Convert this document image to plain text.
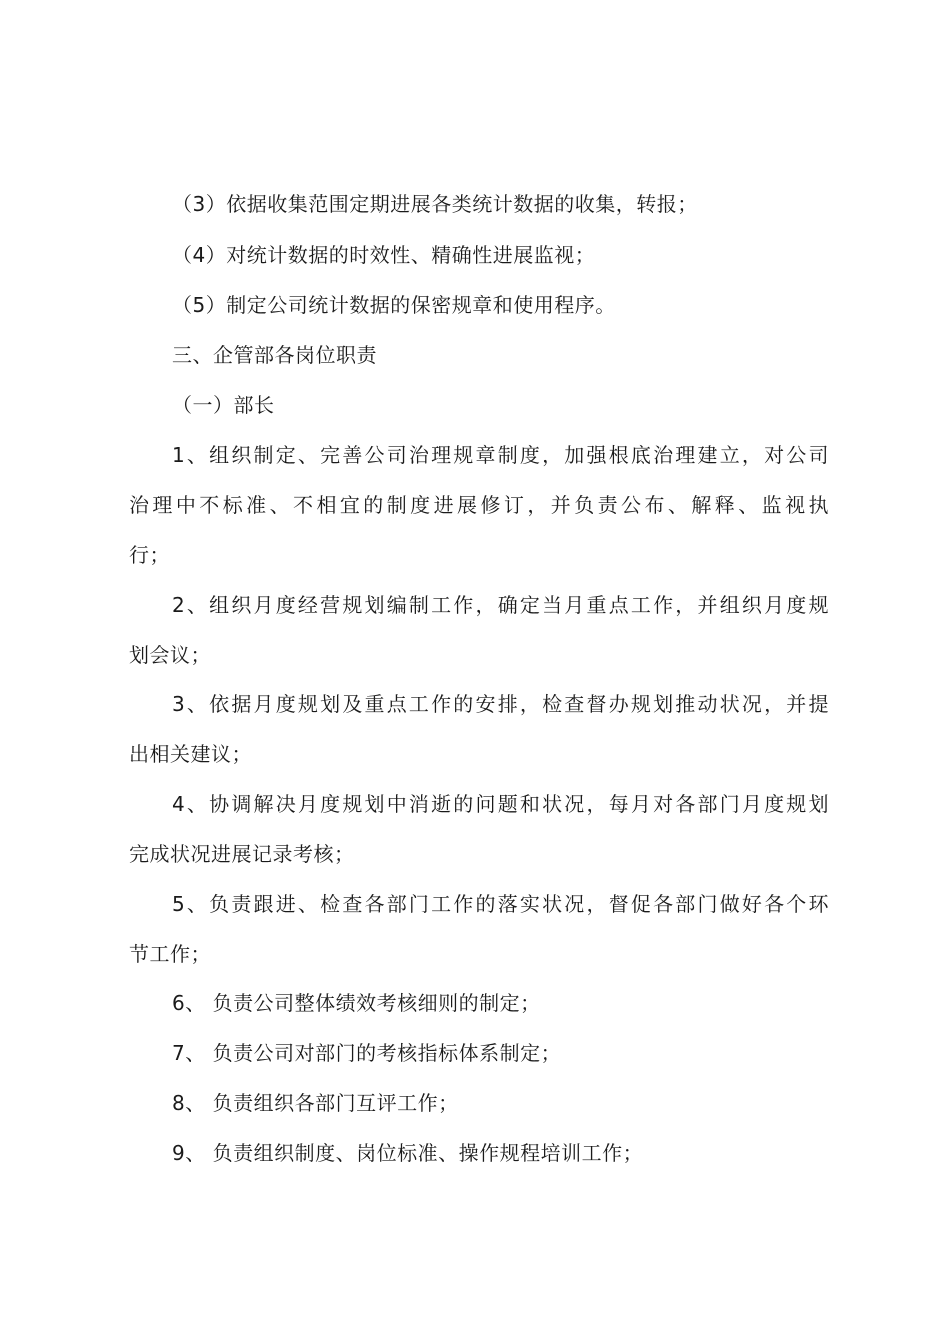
（3）依据收集范围定期进展各类统计数据的收集，转报；
（4）对统计数据的时效性、精确性进展监视；
（5）制定公司统计数据的保密规章和使用程序。
三、企管部各岗位职责
（一）部长
1、组织制定、完善公司治理规章制度，加强根底治理建立，对公司
治理中不标准、不相宜的制度进展修订，并负责公布、解释、监视执
行；
2、组织月度经营规划编制工作，确定当月重点工作，并组织月度规
划会议；
3、依据月度规划及重点工作的安排，检查督办规划推动状况，并提
出相关建议；
4、协调解决月度规划中消逝的问题和状况，每月对各部门月度规划
完成状况进展记录考核；
5、负责跟进、检查各部门工作的落实状况，督促各部门做好各个环
节工作；
6、 负责公司整体绩效考核细则的制定；
7、 负责公司对部门的考核指标体系制定；
8、 负责组织各部门互评工作；
9、 负责组织制度、岗位标准、操作规程培训工作；
